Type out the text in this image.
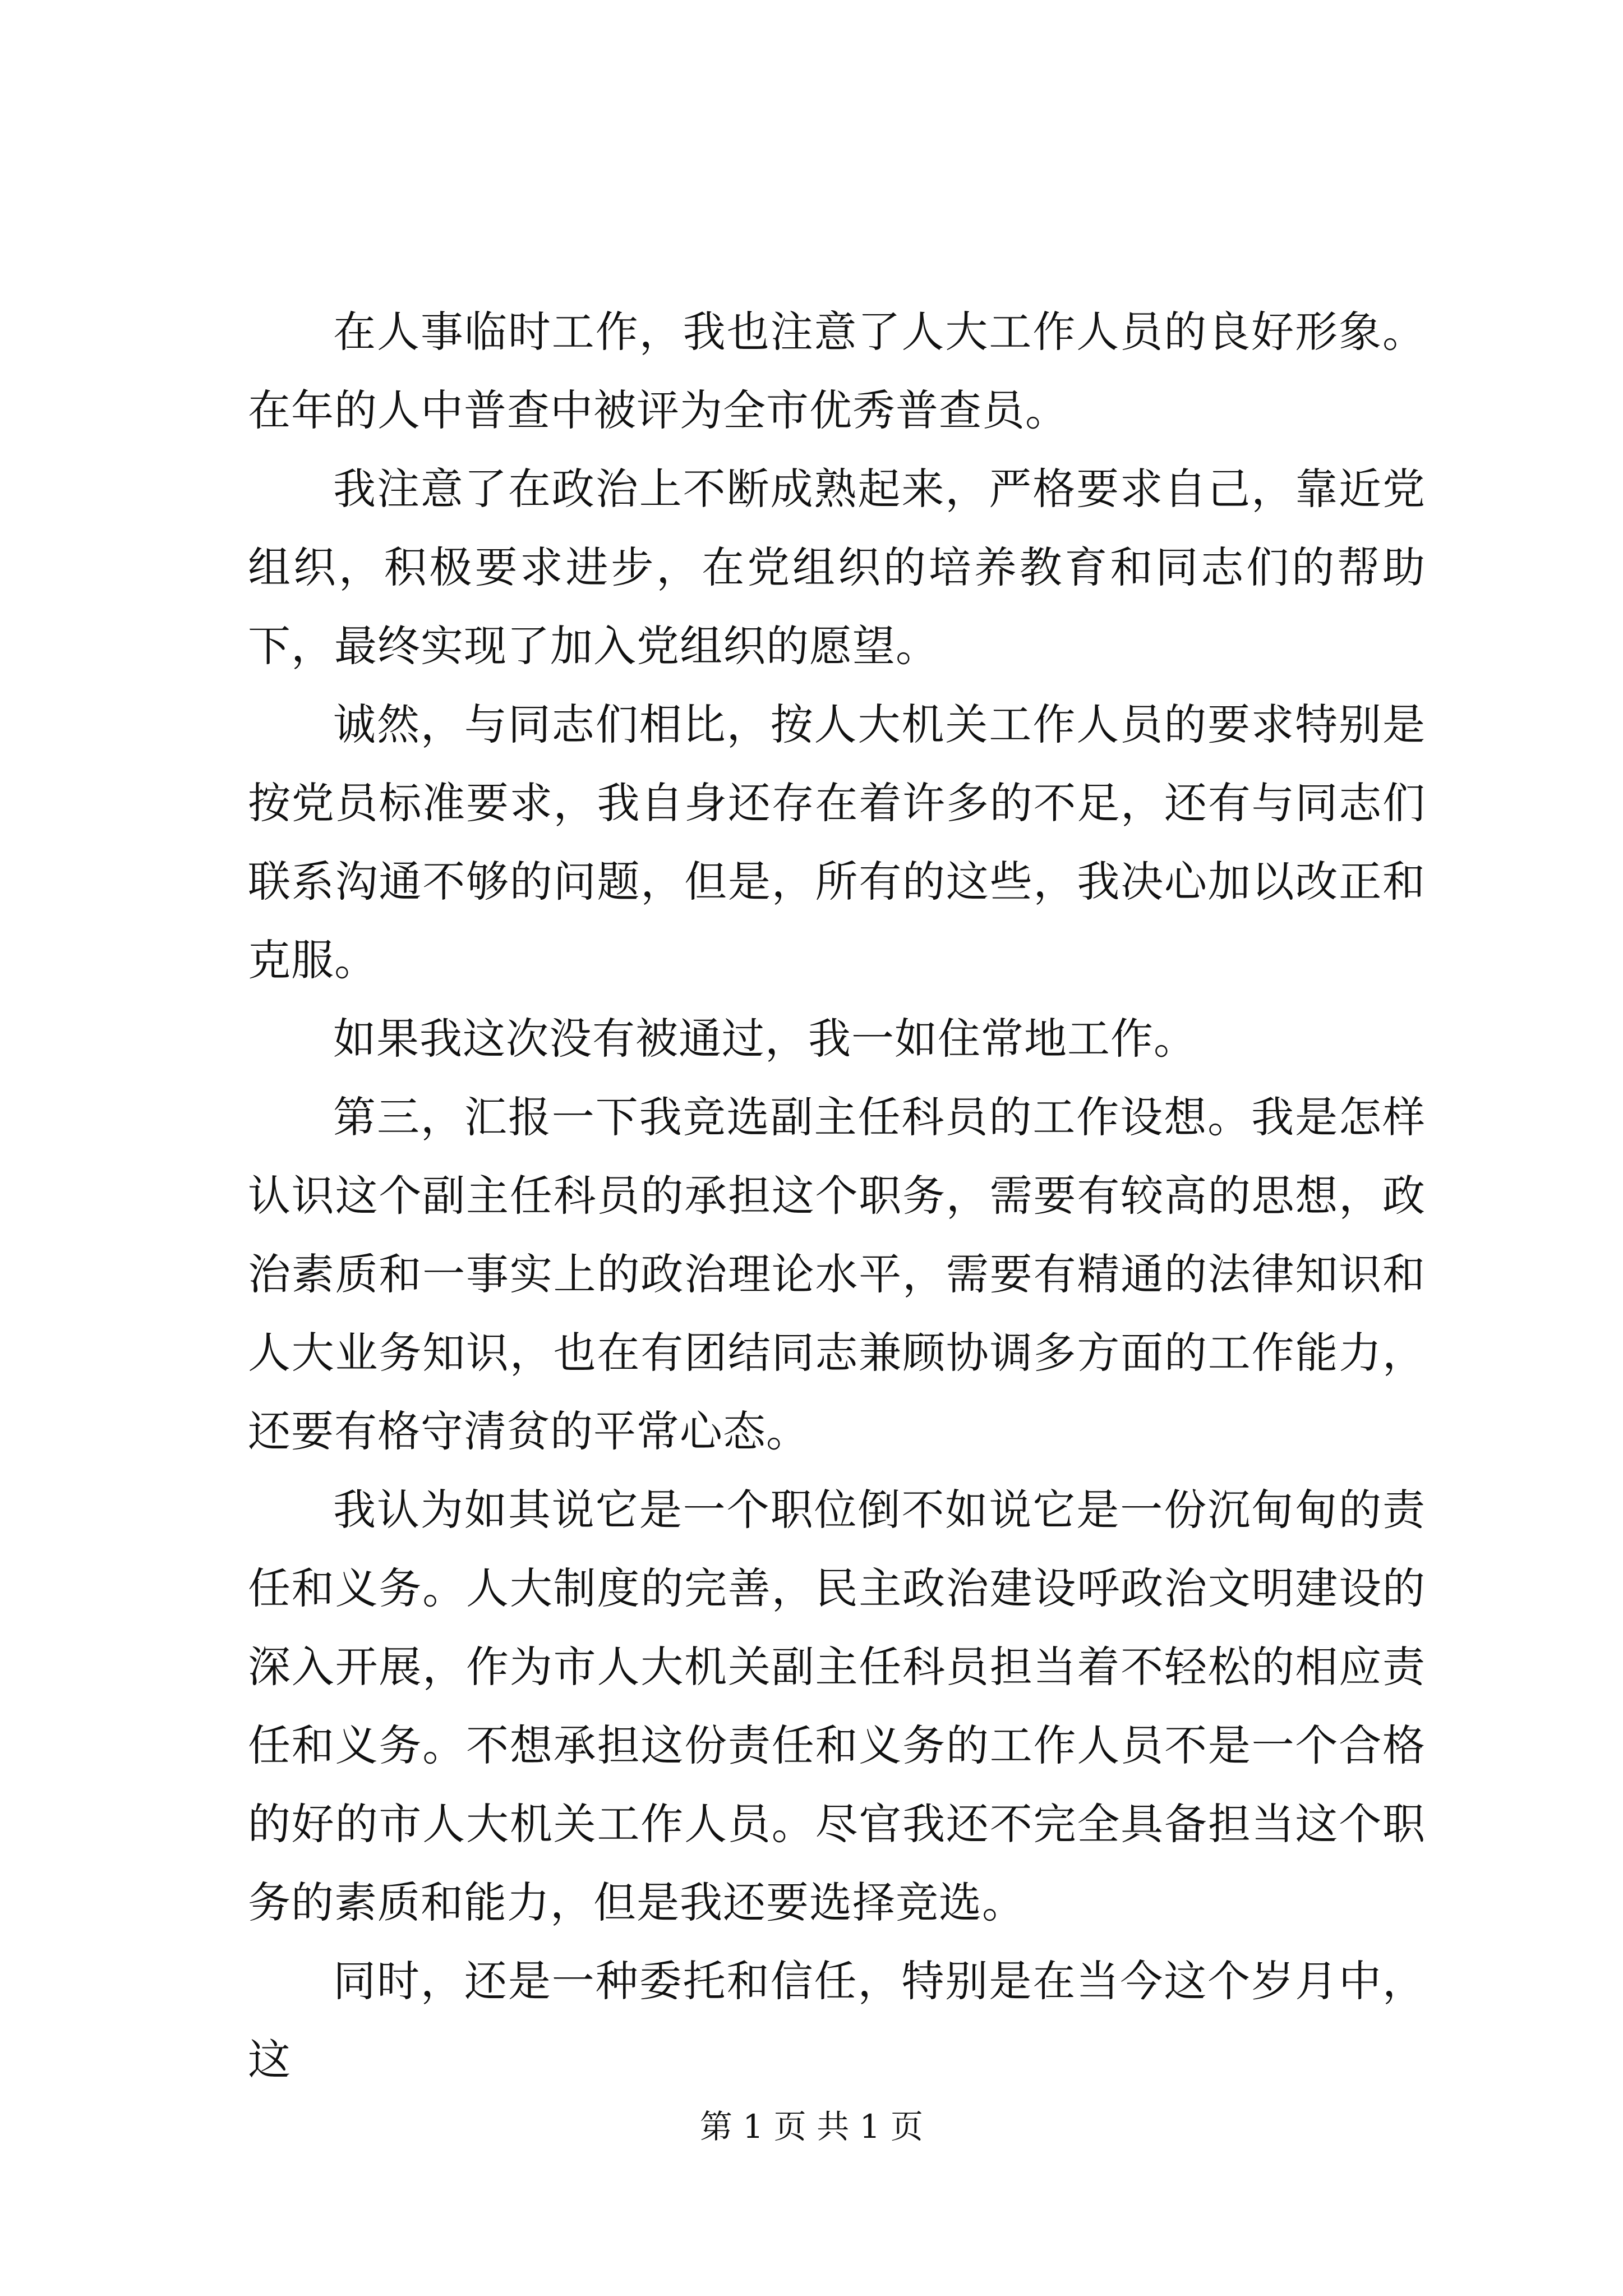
在人事临时工作，我也注意了人大工作人员的良好形象。在年的人中普查中被评为全市优秀普查员。

我注意了在政治上不断成熟起来，严格要求自己，靠近党组织，积极要求进步，在党组织的培养教育和同志们的帮助下，最终实现了加入党组织的愿望。

诚然，与同志们相比，按人大机关工作人员的要求特别是按党员标准要求，我自身还存在着许多的不足，还有与同志们联系沟通不够的问题，但是，所有的这些，我决心加以改正和克服。

如果我这次没有被通过，我一如住常地工作。

第三，汇报一下我竞选副主任科员的工作设想。我是怎样认识这个副主任科员的承担这个职务，需要有较高的思想，政治素质和一事实上的政治理论水平，需要有精通的法律知识和人大业务知识，也在有团结同志兼顾协调多方面的工作能力，还要有格守清贫的平常心态。

我认为如其说它是一个职位倒不如说它是一份沉甸甸的责任和义务。人大制度的完善，民主政治建设呼政治文明建设的深入开展，作为市人大机关副主任科员担当着不轻松的相应责任和义务。不想承担这份责任和义务的工作人员不是一个合格的好的市人大机关工作人员。尽官我还不完全具备担当这个职务的素质和能力，但是我还要选择竞选。

同时，还是一种委托和信任，特别是在当今这个岁月中，这

第 1 页 共 1 页
